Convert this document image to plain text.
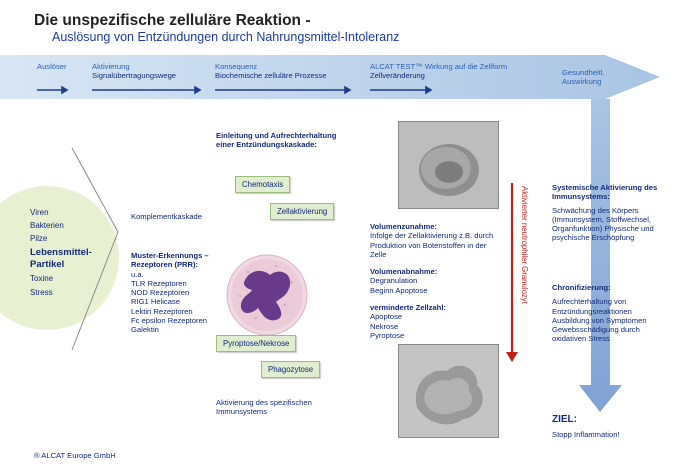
Die unspezifische zelluläre Reaktion -
Auslösung von Entzündungen durch Nahrungsmittel-Intoleranz
Auslöser	Aktivierung
Signalübertragungswege
Konsequenz
Biochemische zelluläre Prozesse
ALCAT TEST™ Wirkung auf die Zellform
Zellveränderung	Gesundheitl.
Auswirkung
Viren
Bakterien
Pilze
Lebensmittel-Partikel
Toxine
Stress
Komplementkaskade
Muster-Erkennungs – Rezeptoren (PRR):
u.a.
TLR Rezeptoren
NOD Rezeptoren
RIG1 Helicase
Lektin Rezeptoren
Fc epsilon Rezeptoren
Galektin
Einleitung und Aufrechterhaltung einer Entzündungskaskade:
Chemotaxis
Zellaktivierung
Pyroptose/Nekrose
Phagozytose
Aktivierung des spezifischen Immunsystems
Volumenzunahme:
Infolge der Zellaktivierung z.B. durch Produktion von Botenstoffen in der Zelle
Volumenabnahme:
Degranulation
Beginn Apoptose
verminderte Zellzahl:
Apoptose
Nekrose
Pyroptose
Aktivierter neutrophiler Granulozyt	Systemische Aktivierung des Immunsystems:
Schwächung des Körpers (Immunsystem, Stoffwechsel, Organfunktion) Physische und psychische Erschöpfung
Chronifizierung:
Aufrechterhaltung von Entzündungsreaktionen Ausbildung von Symptomen Gewebsschädigung durch oxidativen Stress
ZIEL:
Stopp Inflammation!
® ALCAT Europe GmbH
